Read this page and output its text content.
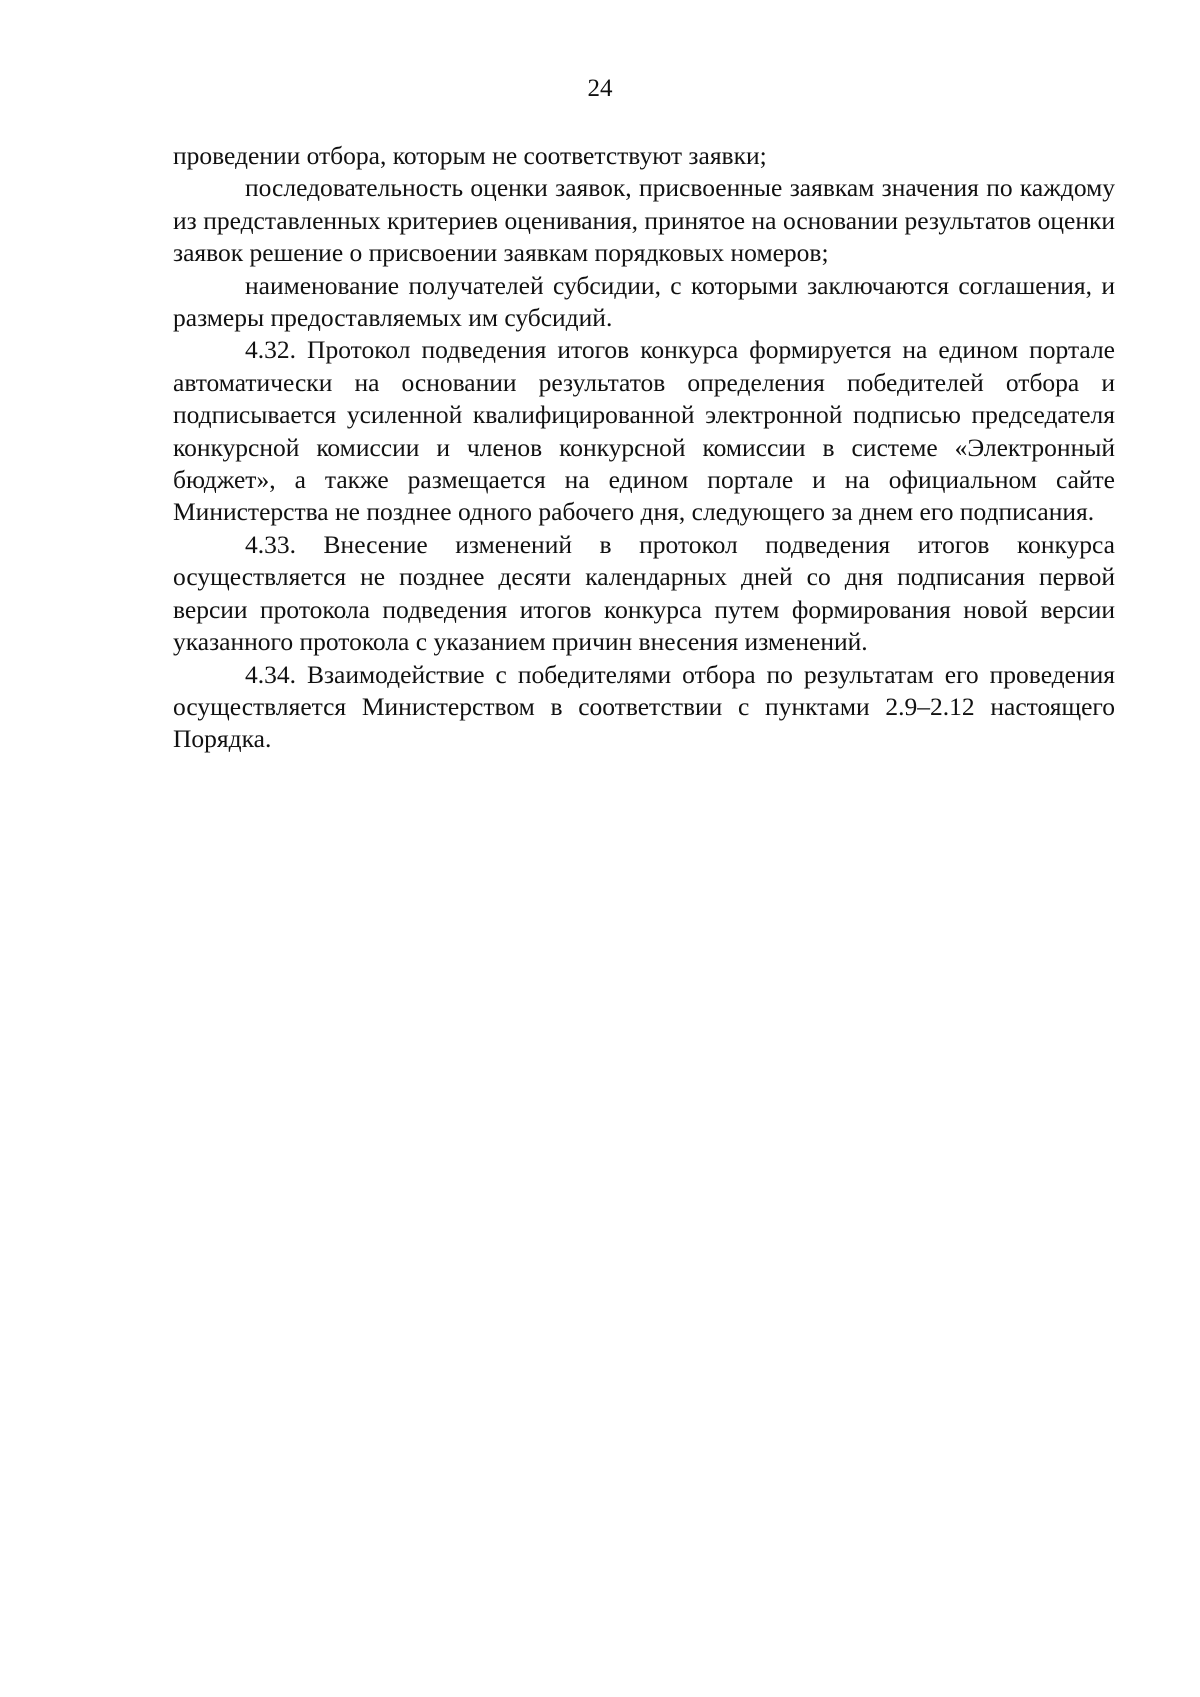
24

проведении отбора, которым не соответствуют заявки;

последовательность оценки заявок, присвоенные заявкам значения по каждому из представленных критериев оценивания, принятое на основании результатов оценки заявок решение о присвоении заявкам порядковых номеров;

наименование получателей субсидии, с которыми заключаются соглашения, и размеры предоставляемых им субсидий.

4.32. Протокол подведения итогов конкурса формируется на едином портале автоматически на основании результатов определения победителей отбора и подписывается усиленной квалифицированной электронной подписью председателя конкурсной комиссии и членов конкурсной комиссии в системе «Электронный бюджет», а также размещается на едином портале и на официальном сайте Министерства не позднее одного рабочего дня, следующего за днем его подписания.

4.33. Внесение изменений в протокол подведения итогов конкурса осуществляется не позднее десяти календарных дней со дня подписания первой версии протокола подведения итогов конкурса путем формирования новой версии указанного протокола с указанием причин внесения изменений.

4.34. Взаимодействие с победителями отбора по результатам его проведения осуществляется Министерством в соответствии с пунктами 2.9–2.12 настоящего Порядка.
